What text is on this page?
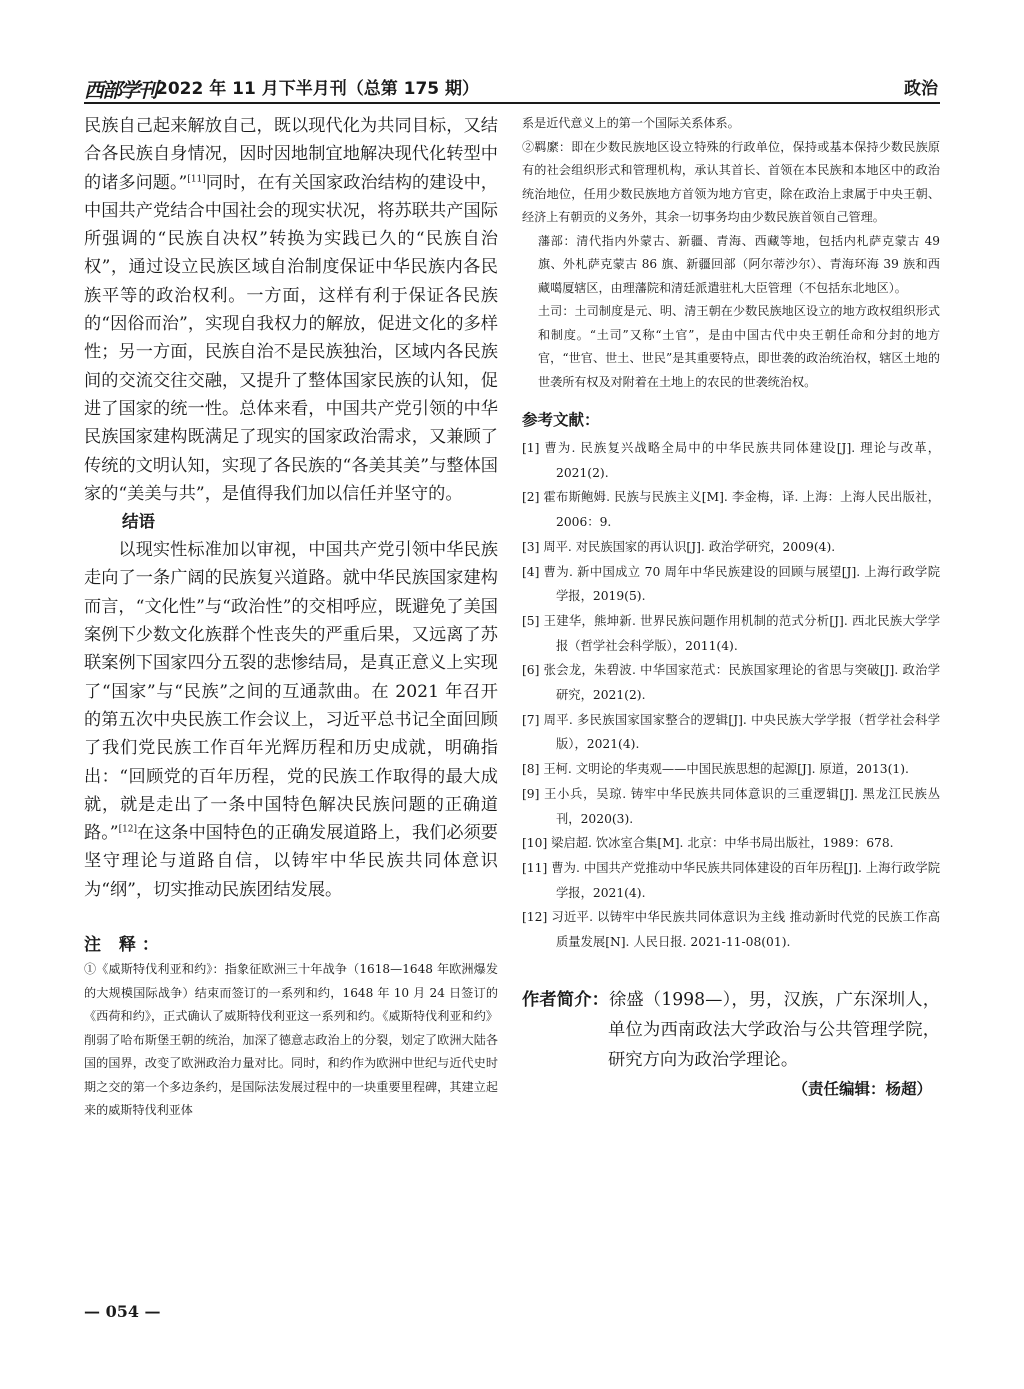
西部学刊 2022 年 11 月下半月刊（总第 175 期）	政治

民族自己起来解放自己，既以现代化为共同目标，又结合各民族自身情况，因时因地制宜地解决现代化转型中的诸多问题。”[11]同时，在有关国家政治结构的建设中，中国共产党结合中国社会的现实状况，将苏联共产国际所强调的“民族自决权”转换为实践已久的“民族自治权”，通过设立民族区域自治制度保证中华民族内各民族平等的政治权利。一方面，这样有利于保证各民族的“因俗而治”，实现自我权力的解放，促进文化的多样性；另一方面，民族自治不是民族独治，区域内各民族间的交流交往交融，又提升了整体国家民族的认知，促进了国家的统一性。总体来看，中国共产党引领的中华民族国家建构既满足了现实的国家政治需求，又兼顾了传统的文明认知，实现了各民族的“各美其美”与整体国家的“美美与共”，是值得我们加以信任并坚守的。

结语

以现实性标准加以审视，中国共产党引领中华民族走向了一条广阔的民族复兴道路。就中华民族国家建构而言，“文化性”与“政治性”的交相呼应，既避免了美国案例下少数文化族群个性丧失的严重后果，又远离了苏联案例下国家四分五裂的悲惨结局，是真正意义上实现了“国家”与“民族”之间的互通款曲。在 2021 年召开的第五次中央民族工作会议上，习近平总书记全面回顾了我们党民族工作百年光辉历程和历史成就，明确指出：“回顾党的百年历程，党的民族工作取得的最大成就，就是走出了一条中国特色解决民族问题的正确道路。”[12]在这条中国特色的正确发展道路上，我们必须要坚守理论与道路自信，以铸牢中华民族共同体意识为“纲”，切实推动民族团结发展。

注 释：

①《威斯特伐利亚和约》：指象征欧洲三十年战争（1618—1648 年欧洲爆发的大规模国际战争）结束而签订的一系列和约，1648 年 10 月 24 日签订的《西荷和约》，正式确认了威斯特伐利亚这一系列和约。《威斯特伐利亚和约》削弱了哈布斯堡王朝的统治，加深了德意志政治上的分裂，划定了欧洲大陆各国的国界，改变了欧洲政治力量对比。同时，和约作为欧洲中世纪与近代史时期之交的第一个多边条约，是国际法发展过程中的一块重要里程碑，其建立起来的威斯特伐利亚体

系是近代意义上的第一个国际关系体系。

②羁縻：即在少数民族地区设立特殊的行政单位，保持或基本保持少数民族原有的社会组织形式和管理机构，承认其首长、首领在本民族和本地区中的政治统治地位，任用少数民族地方首领为地方官吏，除在政治上隶属于中央王朝、经济上有朝贡的义务外，其余一切事务均由少数民族首领自己管理。

藩部：清代指内外蒙古、新疆、青海、西藏等地，包括内札萨克蒙古 49 旗、外札萨克蒙古 86 旗、新疆回部（阿尔蒂沙尔）、青海环海 39 族和西藏噶厦辖区，由理藩院和清廷派遣驻札大臣管理（不包括东北地区）。

土司：土司制度是元、明、清王朝在少数民族地区设立的地方政权组织形式和制度。“土司”又称“土官”，是由中国古代中央王朝任命和分封的地方官，“世官、世土、世民”是其重要特点，即世袭的政治统治权，辖区土地的世袭所有权及对附着在土地上的农民的世袭统治权。

参考文献：
[1] 曹为. 民族复兴战略全局中的中华民族共同体建设[J]. 理论与改革，2021(2).
[2] 霍布斯鲍姆. 民族与民族主义[M]. 李金梅，译. 上海：上海人民出版社，2006：9.
[3] 周平. 对民族国家的再认识[J]. 政治学研究，2009(4).
[4] 曹为. 新中国成立 70 周年中华民族建设的回顾与展望[J]. 上海行政学院学报，2019(5).
[5] 王建华，熊坤新. 世界民族问题作用机制的范式分析[J]. 西北民族大学学报（哲学社会科学版），2011(4).
[6] 张会龙，朱碧波. 中华国家范式：民族国家理论的省思与突破[J]. 政治学研究，2021(2).
[7] 周平. 多民族国家国家整合的逻辑[J]. 中央民族大学学报（哲学社会科学版），2021(4).
[8] 王柯. 文明论的华夷观——中国民族思想的起源[J]. 原道，2013(1).
[9] 王小兵，吴琼. 铸牢中华民族共同体意识的三重逻辑[J]. 黑龙江民族丛刊，2020(3).
[10] 梁启超. 饮冰室合集[M]. 北京：中华书局出版社，1989：678.
[11] 曹为. 中国共产党推动中华民族共同体建设的百年历程[J]. 上海行政学院学报，2021(4).
[12] 习近平. 以铸牢中华民族共同体意识为主线 推动新时代党的民族工作高质量发展[N]. 人民日报. 2021-11-08(01).
作者简介：徐盛（1998—），男，汉族，广东深圳人，单位为西南政法大学政治与公共管理学院，研究方向为政治学理论。
（责任编辑：杨超）
— 054 —
